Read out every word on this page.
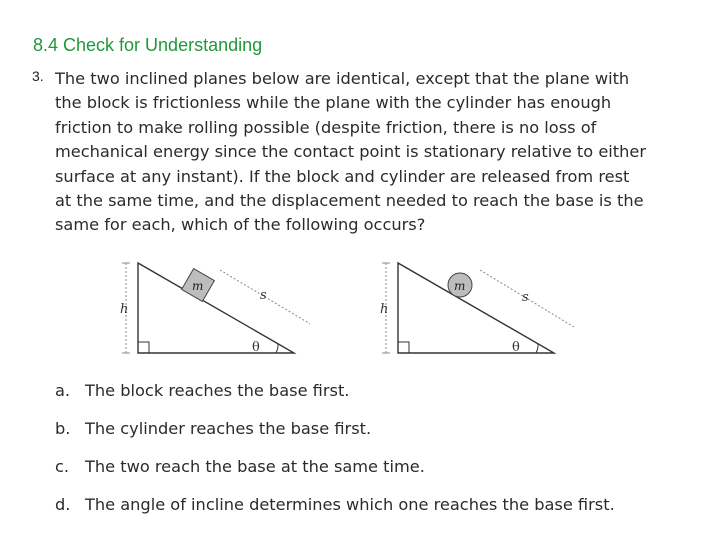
8.4 Check for Understanding
3. The two inclined planes below are identical, except that the plane with
the block is frictionless while the plane with the cylinder has enough
friction to make rolling possible (despite friction, there is no loss of
mechanical energy since the contact point is stationary relative to either
surface at any instant). If the block and cylinder are released from rest
at the same time, and the displacement needed to reach the base is the
same for each, which of the following occurs?
h
θ
s
m
h
θ
s
m
a. The block reaches the base first.
b. The cylinder reaches the base first.
c. The two reach the base at the same time.
d. The angle of incline determines which one reaches the base first.
